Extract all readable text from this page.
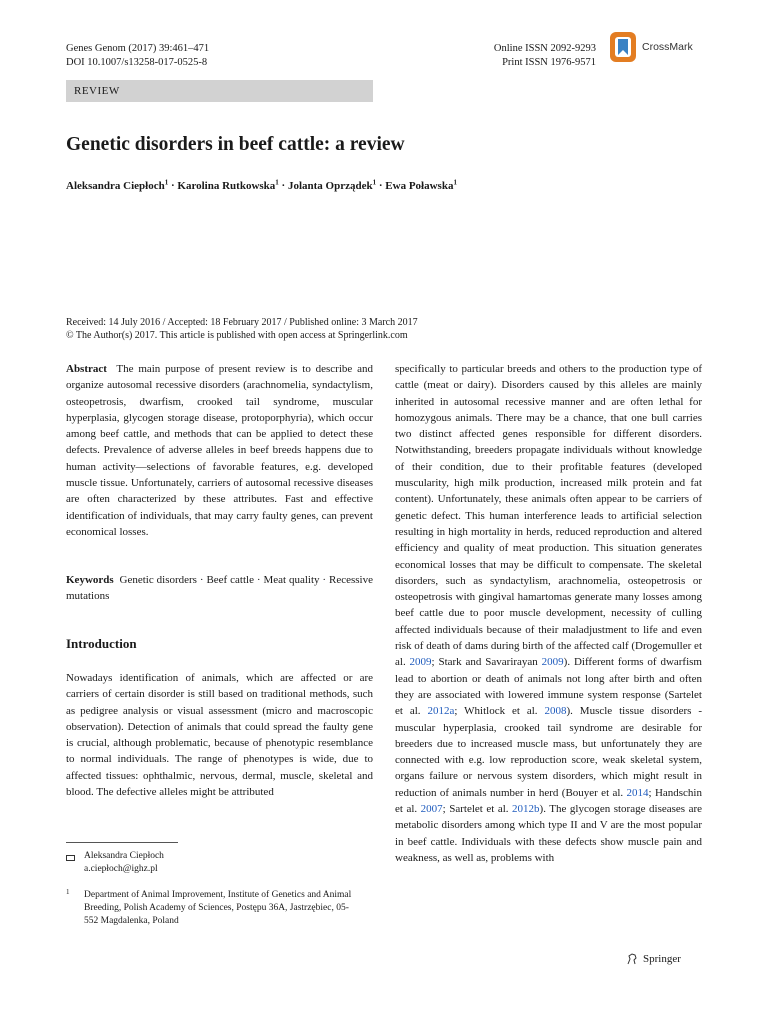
Genes Genom (2017) 39:461–471
DOI 10.1007/s13258-017-0525-8
Online ISSN 2092-9293
Print ISSN 1976-9571
CrossMark
REVIEW
Genetic disorders in beef cattle: a review
Aleksandra Ciepłoch$^1$ · Karolina Rutkowska$^1$ · Jolanta Oprządek$^1$ · Ewa Poławska$^1$
Received: 14 July 2016 / Accepted: 18 February 2017 / Published online: 3 March 2017
© The Author(s) 2017. This article is published with open access at Springerlink.com

Abstract The main purpose of present review is to describe and organize autosomal recessive disorders (arachnomelia, syndactylism, osteopetrosis, dwarfism, crooked tail syndrome, muscular hyperplasia, glycogen storage disease, protoporphyria), which occur among beef cattle, and methods that can be applied to detect these defects. Prevalence of adverse alleles in beef breeds happens due to human activity—selections of favorable features, e.g. developed muscle tissue. Unfortunately, carriers of autosomal recessive diseases are often characterized by these attributes. Fast and effective identification of individuals, that may carry faulty genes, can prevent economical losses.

Keywords Genetic disorders · Beef cattle · Meat quality · Recessive mutations

Introduction

Nowadays identification of animals, which are affected or are carriers of certain disorder is still based on traditional methods, such as pedigree analysis or visual assessment (micro and macroscopic observation). Detection of animals that could spread the faulty gene is crucial, although problematic, because of phenotypic resemblance to normal individuals. The range of phenotypes is wide, due to affected tissues: ophthalmic, nervous, dermal, muscle, skeletal and blood. The defective alleles might be attributed

Aleksandra Ciepłoch
a.ciepłoch@ighz.pl
1 Department of Animal Improvement, Institute of Genetics and Animal Breeding, Polish Academy of Sciences, Postępu 36A, Jastrzębiec, 05-552 Magdalenka, Poland

specifically to particular breeds and others to the production type of cattle (meat or dairy). Disorders caused by this alleles are mainly inherited in autosomal recessive manner and are often lethal for homozygous animals. There may be a chance, that one bull carries two distinct affected genes responsible for different disorders. Notwithstanding, breeders propagate individuals without knowledge of their condition, due to their profitable features (developed muscularity, high milk production, increased milk protein and fat content). Unfortunately, these animals often appear to be carriers of genetic defect. This human interference leads to artificial selection resulting in high mortality in herds, reduced reproduction and altered efficiency and quality of meat production. This situation generates economical losses that may be difficult to compensate. The skeletal disorders, such as syndactylism, arachnomelia, osteopetrosis or osteopetrosis with gingival hamartomas generate many losses among beef cattle due to poor muscle development, necessity of culling affected individuals because of their maladjustment to life and even risk of death of dams during birth of the affected calf (Drogemuller et al. 2009; Stark and Savarirayan 2009). Different forms of dwarfism lead to abortion or death of animals not long after birth and often they are associated with lowered immune system response (Sartelet et al. 2012a; Whitlock et al. 2008). Muscle tissue disorders - muscular hyperplasia, crooked tail syndrome are desirable for breeders due to increased muscle mass, but unfortunately they are connected with e.g. low reproduction score, weak skeletal system, organs failure or nervous system disorders, which might result in reduction of animals number in herd (Bouyer et al. 2014; Handschin et al. 2007; Sartelet et al. 2012b). The glycogen storage diseases are metabolic disorders among which type II and V are the most popular in beef cattle. Individuals with these defects show muscle pain and weakness, as well as, problems with

Springer
